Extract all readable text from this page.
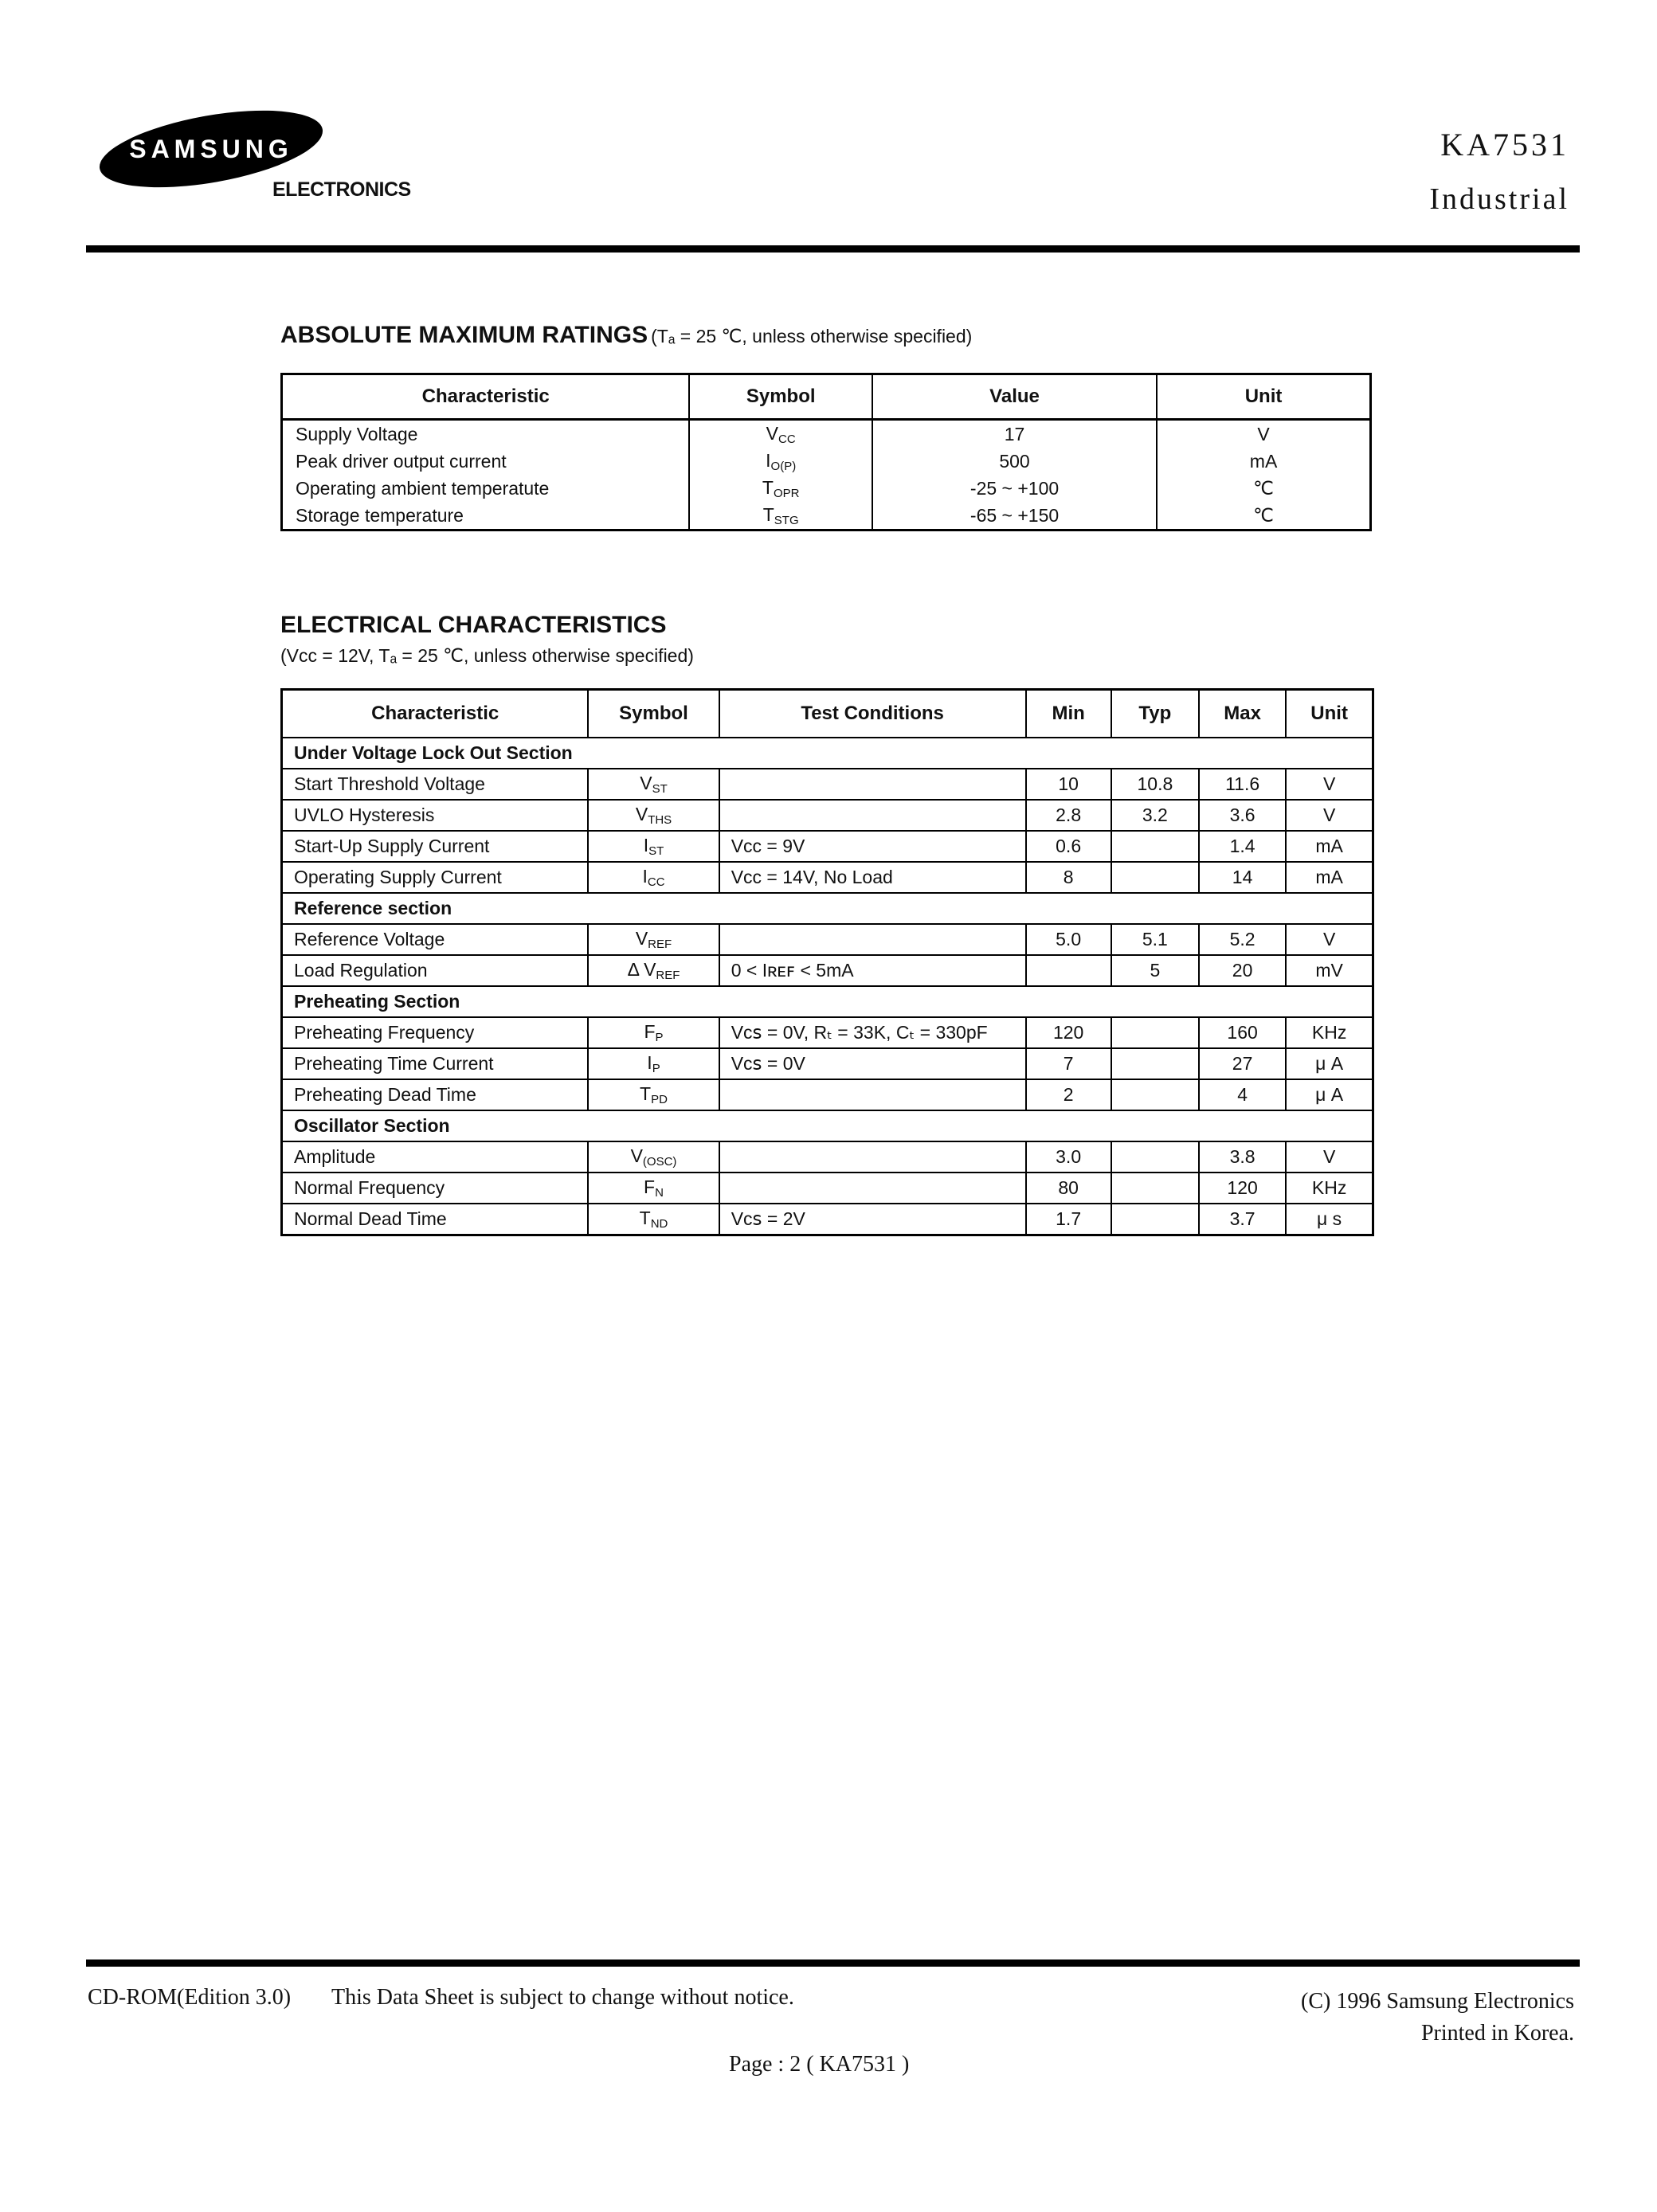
SAMSUNG
ELECTRONICS
KA7531
Industrial
ABSOLUTE MAXIMUM RATINGS (Tₐ = 25 ℃, unless otherwise specified)
Characteristic	Symbol	Value	Unit
Supply Voltage	$V_{CC}$	17	V
Peak driver output current	$I_{O(P)}$	500	mA
Operating ambient temperatute	$T_{OPR}$	-25 ~ +100	℃
Storage temperature	$T_{STG}$	-65 ~ +150	℃
ELECTRICAL CHARACTERISTICS
(Vᴄᴄ = 12V, Tₐ = 25 ℃, unless otherwise specified)
Characteristic	Symbol	Test Conditions	Min	Typ	Max	Unit
Under Voltage Lock Out Section						
Start Threshold Voltage	$V_{ST}$		10	10.8	11.6	V
UVLO Hysteresis	$V_{THS}$		2.8	3.2	3.6	V
Start-Up Supply Current	$I_{ST}$	Vᴄᴄ = 9V	0.6		1.4	mA
Operating Supply Current	$I_{CC}$	Vᴄᴄ = 14V, No Load	8		14	mA
Reference section						
Reference Voltage	$V_{REF}$		5.0	5.1	5.2	V
Load Regulation	Δ $V_{REF}$	0 < Iʀᴇꜰ < 5mA		5	20	mV
Preheating Section						
Preheating Frequency	$F_P$	Vᴄꜱ = 0V, Rₜ = 33K, Cₜ = 330pF	120		160	KHz
Preheating Time Current	$I_P$	Vᴄꜱ = 0V	7		27	μ A
Preheating Dead Time	$T_{PD}$		2		4	μ A
Oscillator Section						
Amplitude	$V_{(OSC)}$		3.0		3.8	V
Normal Frequency	$F_N$		80		120	KHz
Normal Dead Time	$T_{ND}$	Vᴄꜱ = 2V	1.7		3.7	μ s
CD-ROM(Edition 3.0) This Data Sheet is subject to change without notice.	(C) 1996 Samsung Electronics
Printed in Korea.
Page : 2 ( KA7531 )
